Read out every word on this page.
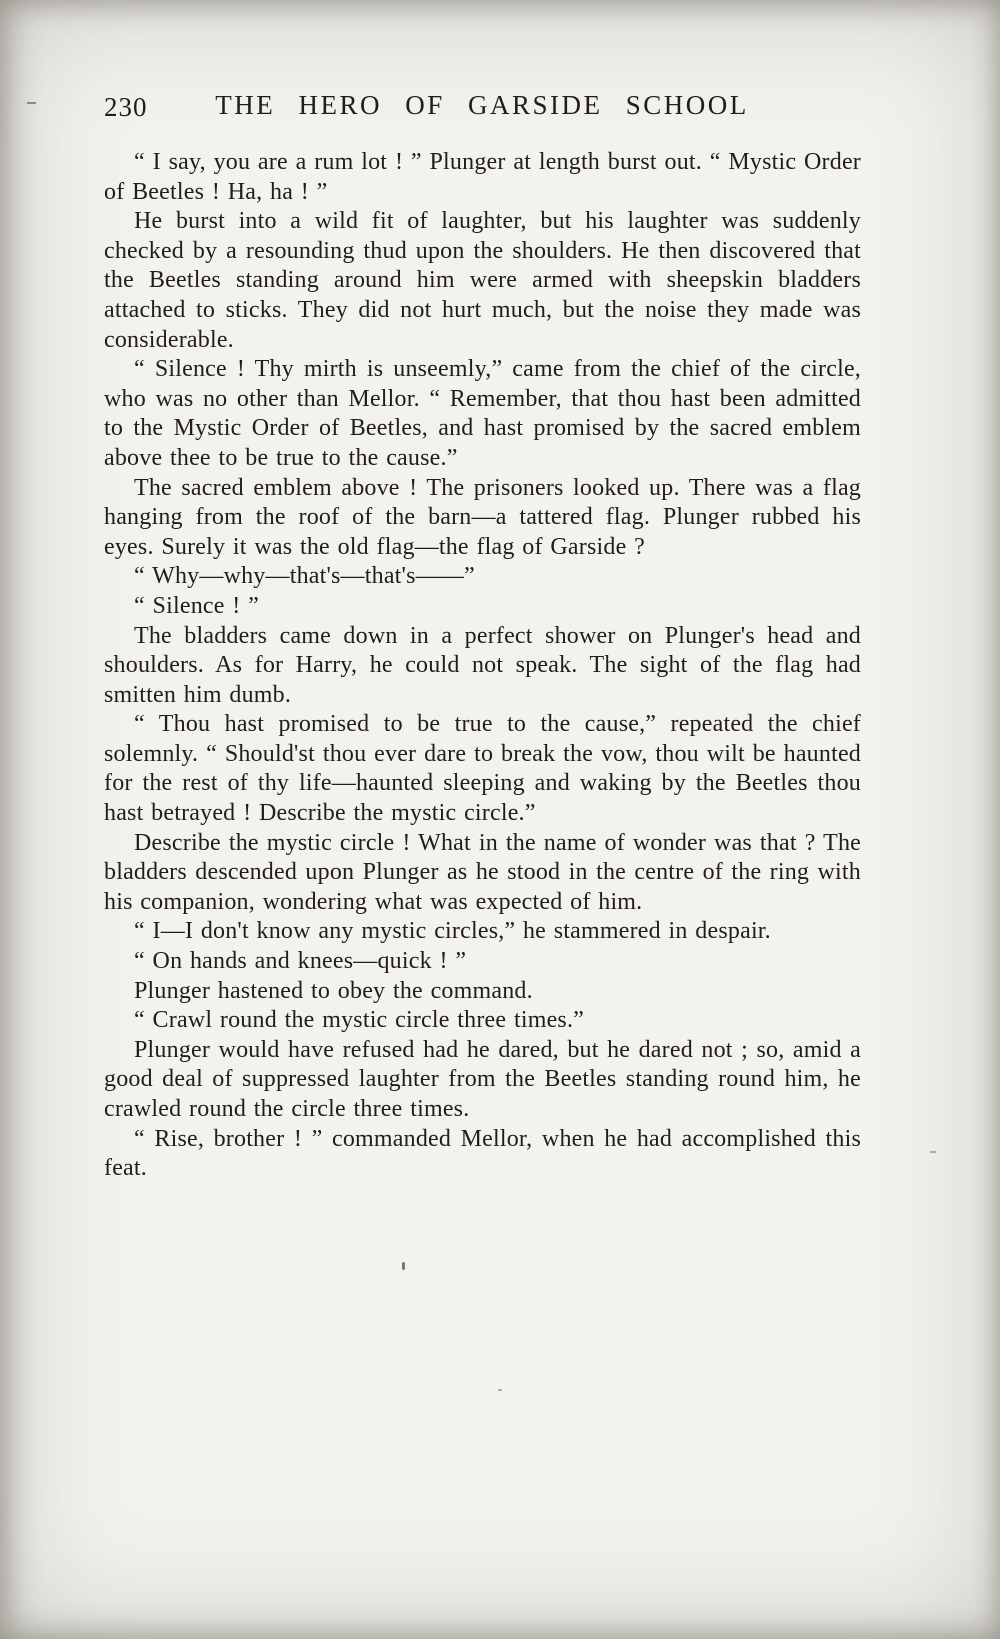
230	THE HERO OF GARSIDE SCHOOL

“ I say, you are a rum lot ! ” Plunger at length burst out. “ Mystic Order of Beetles ! Ha, ha ! ”

He burst into a wild fit of laughter, but his laughter was suddenly checked by a resounding thud upon the shoulders. He then discovered that the Beetles standing around him were armed with sheepskin bladders attached to sticks. They did not hurt much, but the noise they made was considerable.

“ Silence ! Thy mirth is unseemly,” came from the chief of the circle, who was no other than Mellor. “ Remember, that thou hast been admitted to the Mystic Order of Beetles, and hast promised by the sacred emblem above thee to be true to the cause.”

The sacred emblem above ! The prisoners looked up. There was a flag hanging from the roof of the barn—a tattered flag. Plunger rubbed his eyes. Surely it was the old flag—the flag of Garside ?

“ Why—why—that's—that's——”

“ Silence ! ”

The bladders came down in a perfect shower on Plunger's head and shoulders. As for Harry, he could not speak. The sight of the flag had smitten him dumb.

“ Thou hast promised to be true to the cause,” repeated the chief solemnly. “ Should'st thou ever dare to break the vow, thou wilt be haunted for the rest of thy life—haunted sleeping and waking by the Beetles thou hast betrayed ! Describe the mystic circle.”

Describe the mystic circle ! What in the name of wonder was that ? The bladders descended upon Plunger as he stood in the centre of the ring with his companion, wondering what was expected of him.

“ I—I don't know any mystic circles,” he stammered in despair.

“ On hands and knees—quick ! ”

Plunger hastened to obey the command.

“ Crawl round the mystic circle three times.”

Plunger would have refused had he dared, but he dared not ; so, amid a good deal of suppressed laughter from the Beetles standing round him, he crawled round the circle three times.

“ Rise, brother ! ” commanded Mellor, when he had accomplished this feat.
